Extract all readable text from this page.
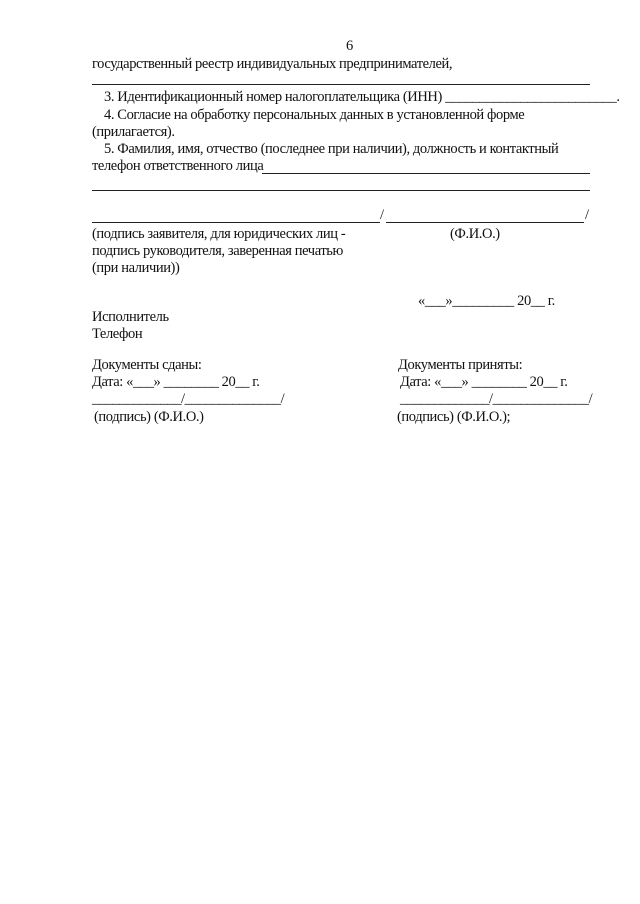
6
государственный реестр индивидуальных предпринимателей,
3. Идентификационный номер налогоплательщика (ИНН) _________________________.
4. Согласие на обработку персональных данных в установленной форме
(прилагается).
5. Фамилия, имя, отчество (последнее при наличии), должность и контактный
телефон ответственного лица
/	/
(подпись заявителя, для юридических лиц -	(Ф.И.О.)
подпись руководителя, заверенная печатью
(при наличии))
«___»_________ 20__ г.
Исполнитель
Телефон
Документы сданы:
Дата: «___» ________ 20__ г.
_____________/______________/
(подпись) (Ф.И.О.)
Документы приняты:
Дата: «___» ________ 20__ г.
_____________/______________/
(подпись) (Ф.И.О.);
